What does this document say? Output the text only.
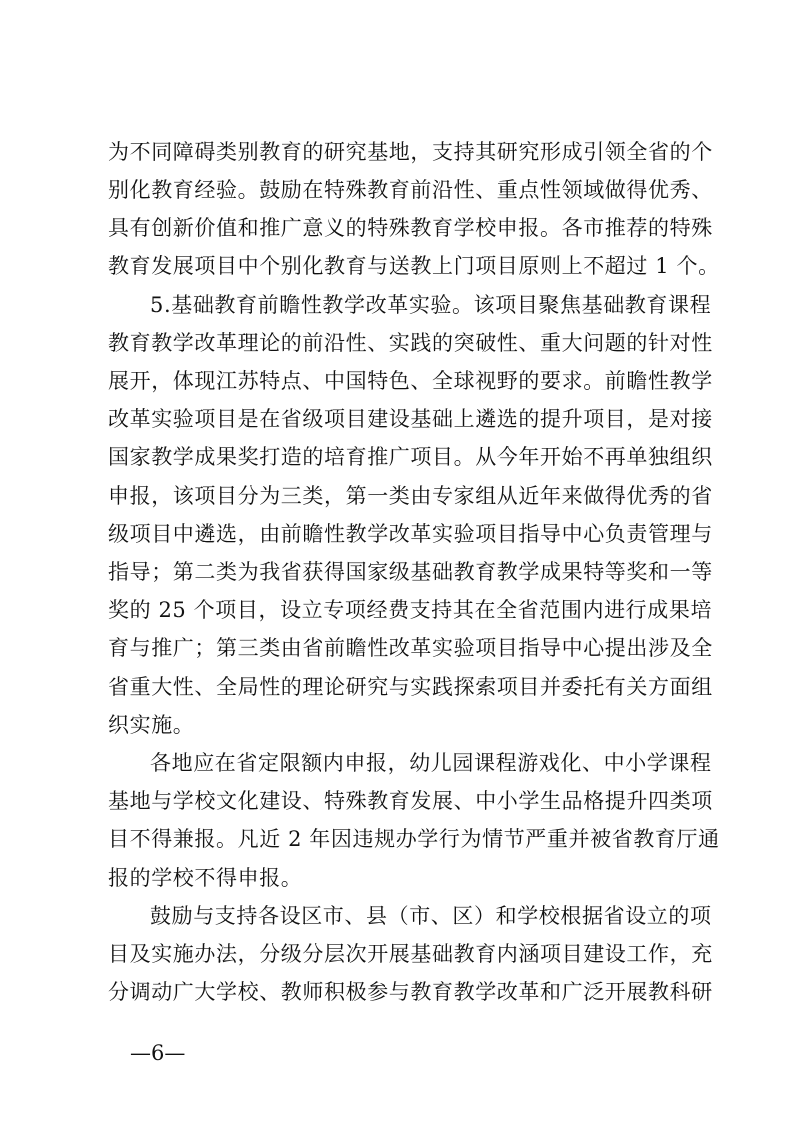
为不同障碍类别教育的研究基地，支持其研究形成引领全省的个
别化教育经验。鼓励在特殊教育前沿性、重点性领域做得优秀、
具有创新价值和推广意义的特殊教育学校申报。各市推荐的特殊
教育发展项目中个别化教育与送教上门项目原则上不超过 1 个。
5.基础教育前瞻性教学改革实验。该项目聚焦基础教育课程
教育教学改革理论的前沿性、实践的突破性、重大问题的针对性
展开，体现江苏特点、中国特色、全球视野的要求。前瞻性教学
改革实验项目是在省级项目建设基础上遴选的提升项目，是对接
国家教学成果奖打造的培育推广项目。从今年开始不再单独组织
申报，该项目分为三类，第一类由专家组从近年来做得优秀的省
级项目中遴选，由前瞻性教学改革实验项目指导中心负责管理与
指导；第二类为我省获得国家级基础教育教学成果特等奖和一等
奖的 25 个项目，设立专项经费支持其在全省范围内进行成果培
育与推广；第三类由省前瞻性改革实验项目指导中心提出涉及全
省重大性、全局性的理论研究与实践探索项目并委托有关方面组
织实施。
各地应在省定限额内申报，幼儿园课程游戏化、中小学课程
基地与学校文化建设、特殊教育发展、中小学生品格提升四类项
目不得兼报。凡近 2 年因违规办学行为情节严重并被省教育厅通
报的学校不得申报。
鼓励与支持各设区市、县（市、区）和学校根据省设立的项
目及实施办法，分级分层次开展基础教育内涵项目建设工作，充
分调动广大学校、教师积极参与教育教学改革和广泛开展教科研
—6—
